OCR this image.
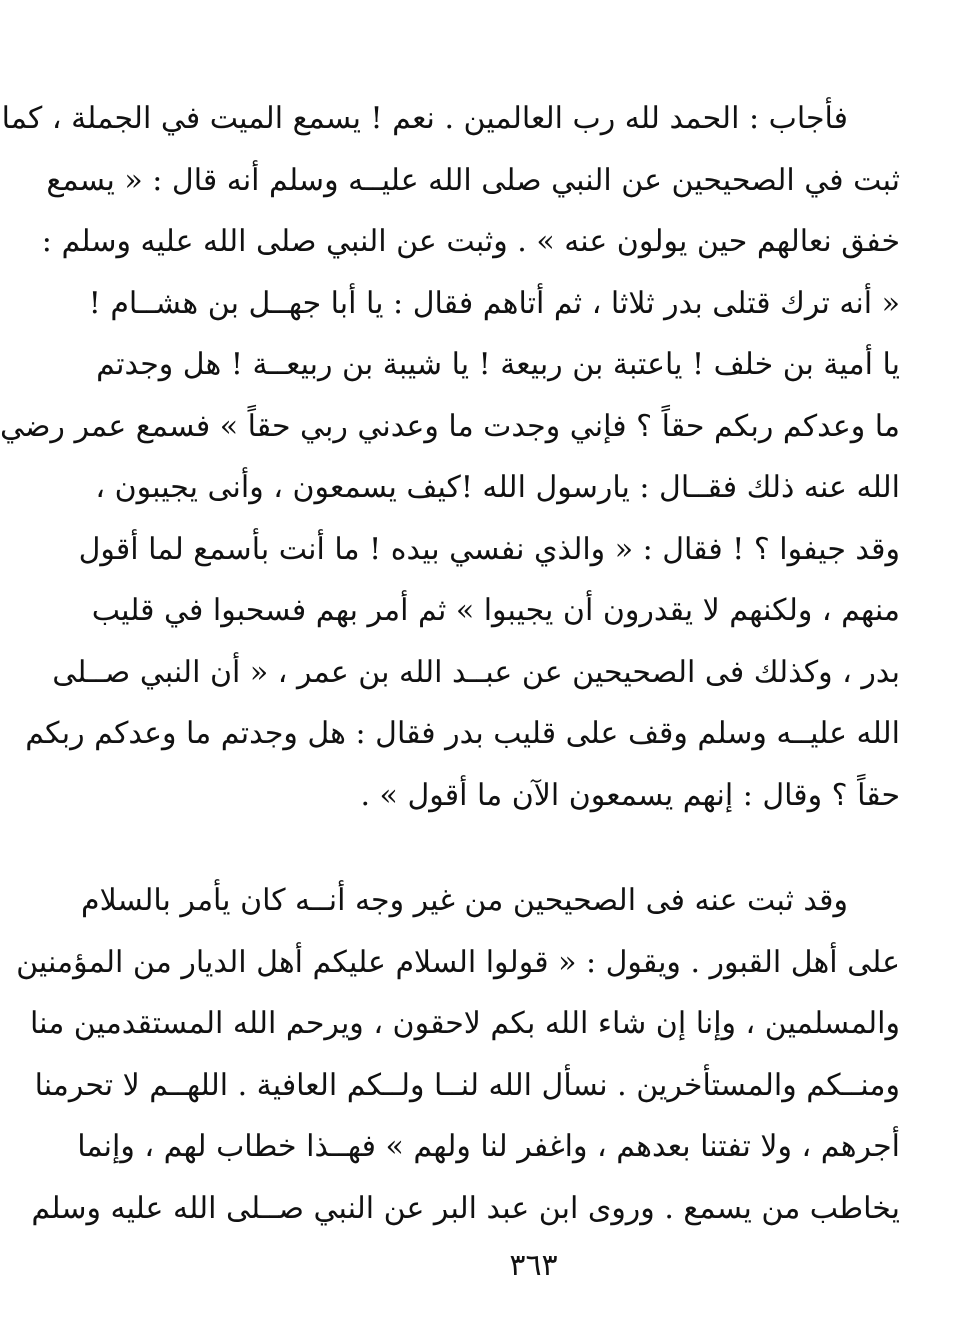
فأجاب : الحمد لله رب العالمين . نعم ! يسمع الميت في الجملة ، كما
ثبت في الصحيحين عن النبي صلى الله عليــه وسلم أنه قال : « يسمع
خفق نعالهم حين يولون عنه » . وثبت عن النبي صلى الله عليه وسلم :
« أنه ترك قتلى بدر ثلاثا ، ثم أتاهم فقال : يا أبا جهــل بن هشــام !
يا أمية بن خلف ! ياعتبة بن ربيعة ! يا شيبة بن ربيعــة ! هل وجدتم
ما وعدكم ربكم حقاً ؟ فإني وجدت ما وعدني ربي حقاً » فسمع عمر رضي
الله عنه ذلك فقــال : يارسول الله !كيف يسمعون ، وأنى يجيبون ،
وقد جيفوا ؟ ! فقال : « والذي نفسي بيده ! ما أنت بأسمع لما أقول
منهم ، ولكنهم لا يقدرون أن يجيبوا » ثم أمر بهم فسحبوا في قليب
بدر ، وكذلك فى الصحيحين عن عبــد الله بن عمر ، « أن النبي صــلى
الله عليــه وسلم وقف على قليب بدر فقال : هل وجدتم ما وعدكم ربكم
حقاً ؟ وقال : إنهم يسمعون الآن ما أقول » .
وقد ثبت عنه فى الصحيحين من غير وجه أنــه كان يأمر بالسلام
على أهل القبور . ويقول : « قولوا السلام عليكم أهل الديار من المؤمنين
والمسلمين ، وإنا إن شاء الله بكم لاحقون ، ويرحم الله المستقدمين منا
ومنــكم والمستأخرين . نسأل الله لنــا ولــكم العافية . اللهــم لا تحرمنا
أجرهم ، ولا تفتنا بعدهم ، واغفر لنا ولهم » فهــذا خطاب لهم ، وإنما
يخاطب من يسمع . وروى ابن عبد البر عن النبي صــلى الله عليه وسلم
٣٦٣
